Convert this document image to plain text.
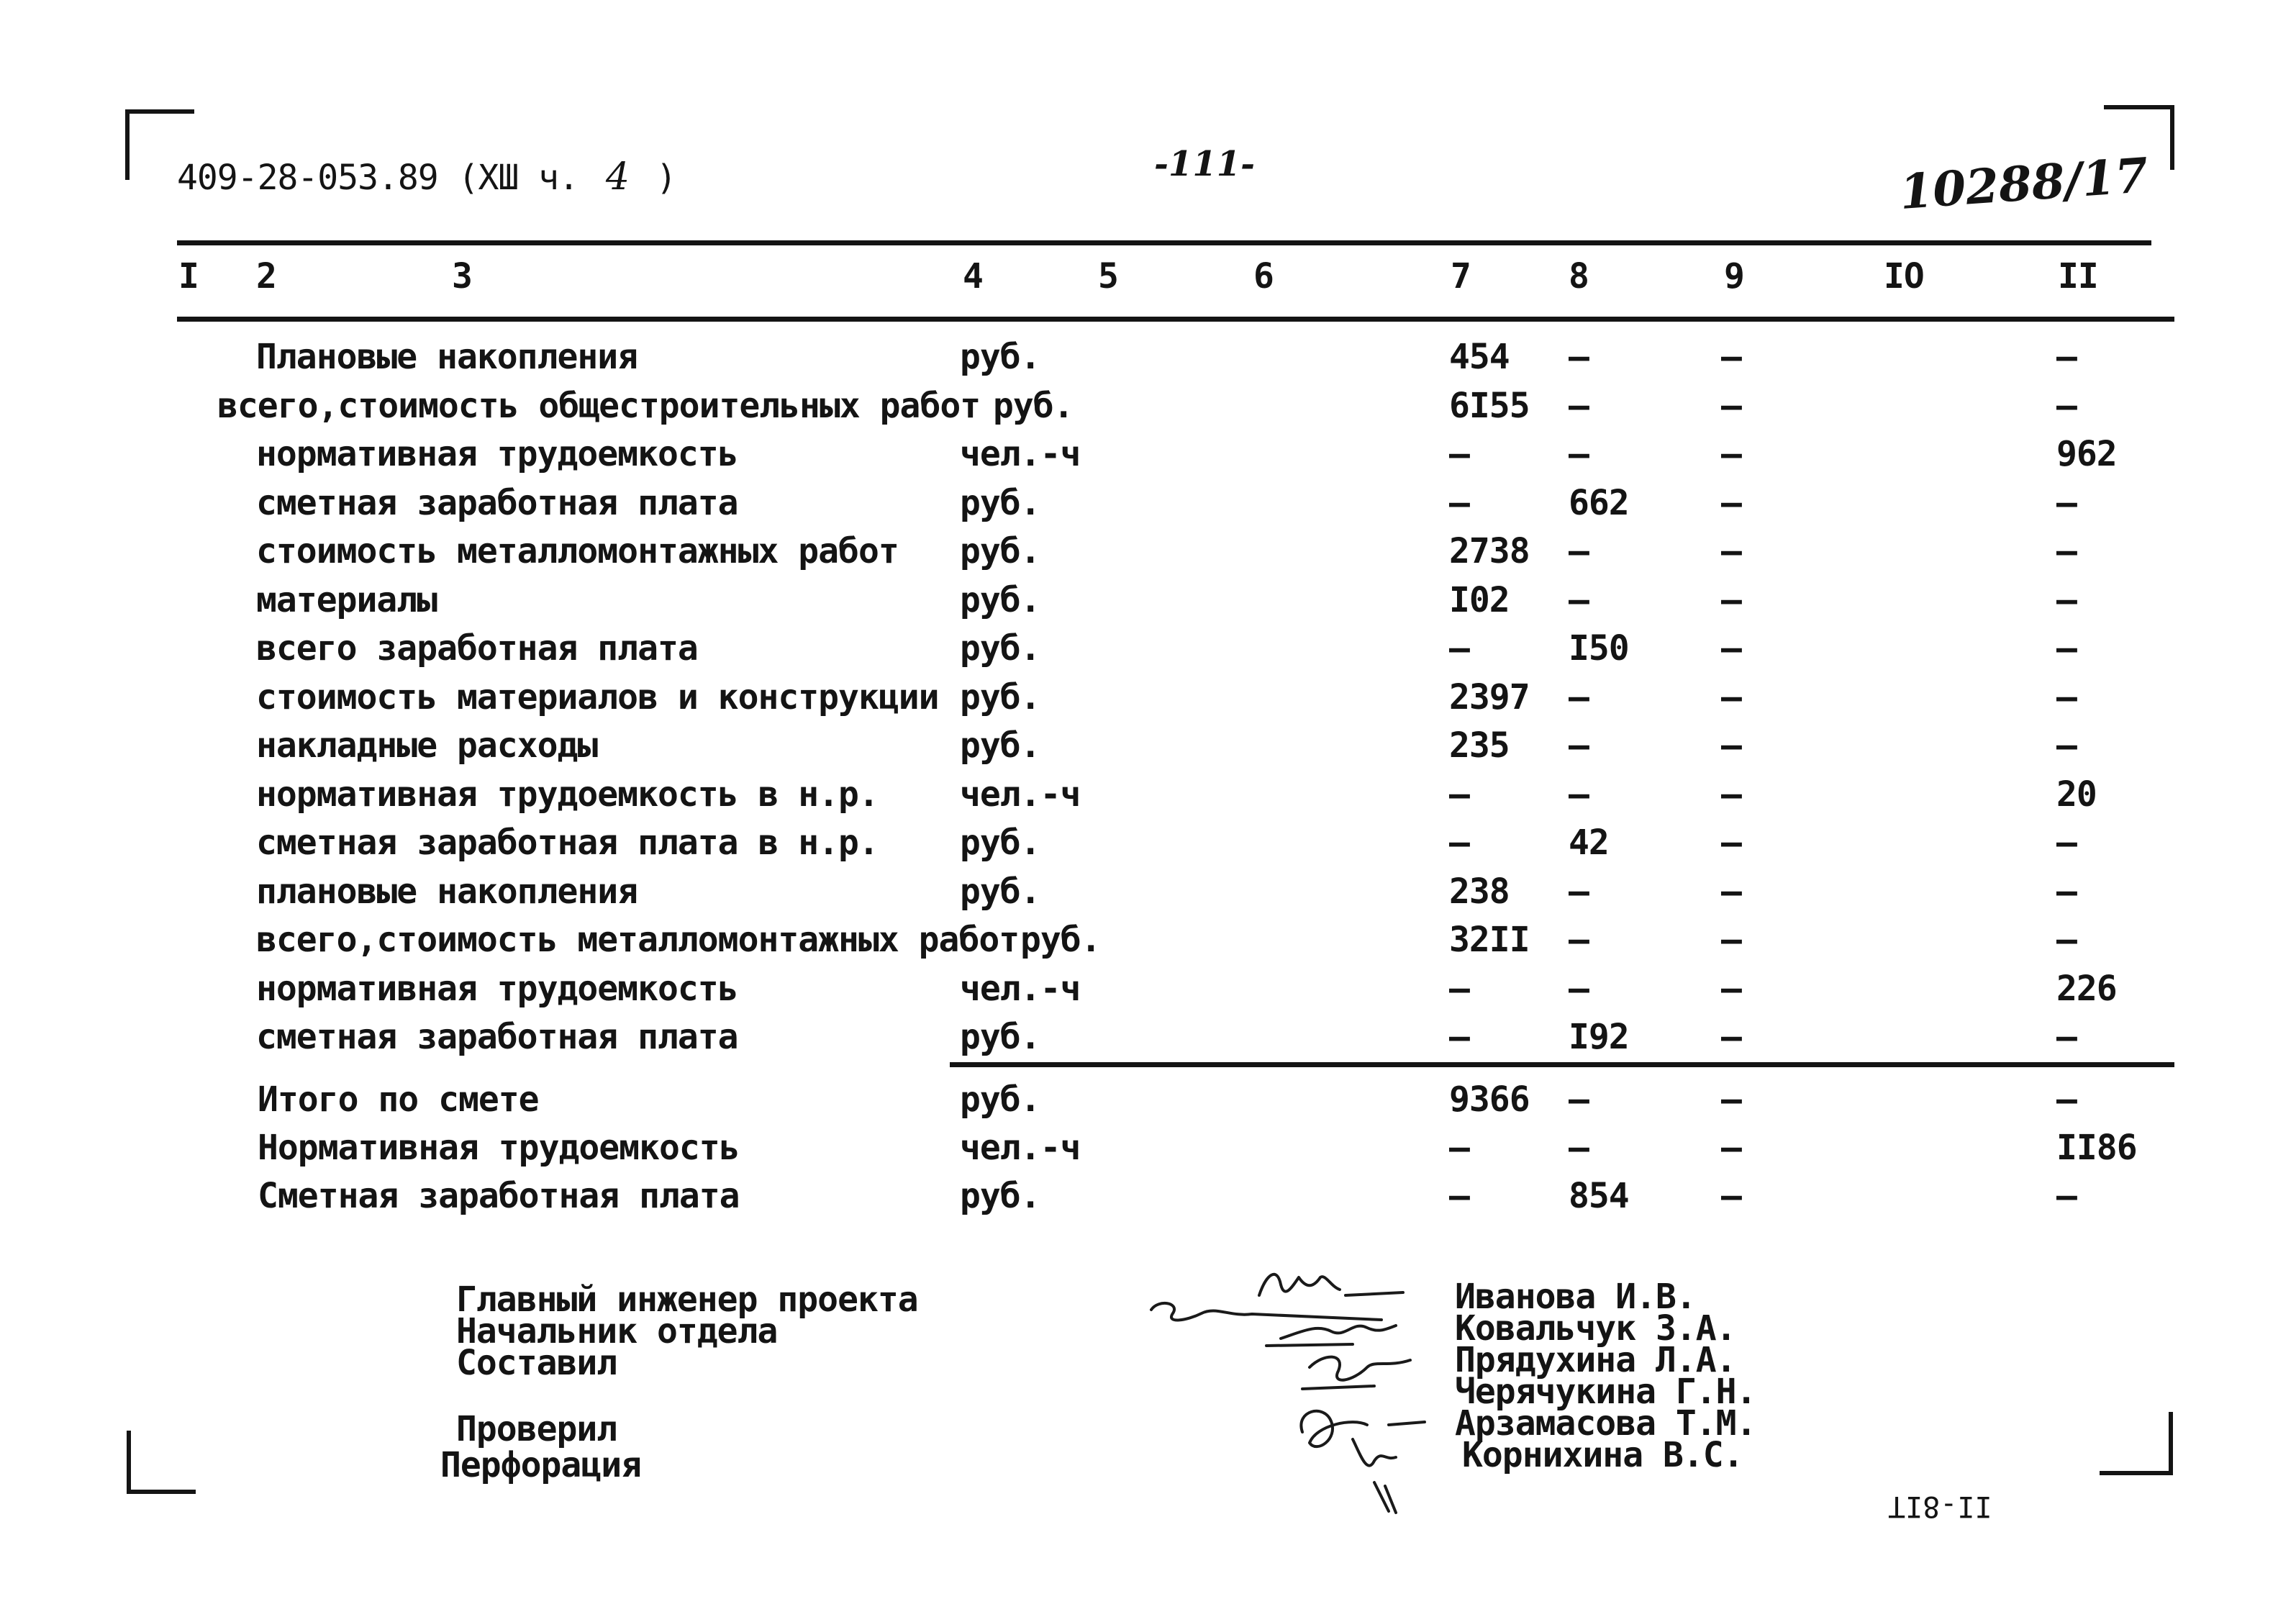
409-28-053.89 (XШ ч. 4 )	-111-	10288/17
I 2	3	4	5	6	7	8	9	IO	II
Плановые накопления	руб.	454 –	–	–
всего,стоимость общестроительных работ руб.	6I55 –	–	–
нормативная трудоемкость	чел.-ч	–	–	–	962
сметная заработная плата	руб.	–	662	–	–
стоимость металломонтажных работ руб.	2738 –	–	–
материалы	руб.	I02 –	–	–
всего заработная плата	руб.	–	I50	–	–
стоимость материалов и конструкции руб.	2397 –	–	–
накладные расходы	руб.	235 –	–	–
нормативная трудоемкость в н.р. чел.-ч	–	–	–	20
сметная заработная плата в н.р. руб.	–	42	–	–
плановые накопления	руб.	238 –	–	–
всего,стоимость металломонтажных работ руб.	32II –	–	–
нормативная трудоемкость	чел.-ч	–	–	–	226
сметная заработная плата	руб.	–	I92	–	–
Итого по смете	руб.	9366 –	–	–
Нормативная трудоемкость	чел.-ч	–	–	–	II86
Сметная заработная плата	руб.	–	854	–	–
Главный инженер проекта
Начальник отдела
Составил
Проверил
Перфорация
Иванова И.В.
Ковальчук З.А.
Прядухина Л.А.
Черячукина Г.Н.
Арзамасова Т.М.
Корнихина В.С.
II-8IT
